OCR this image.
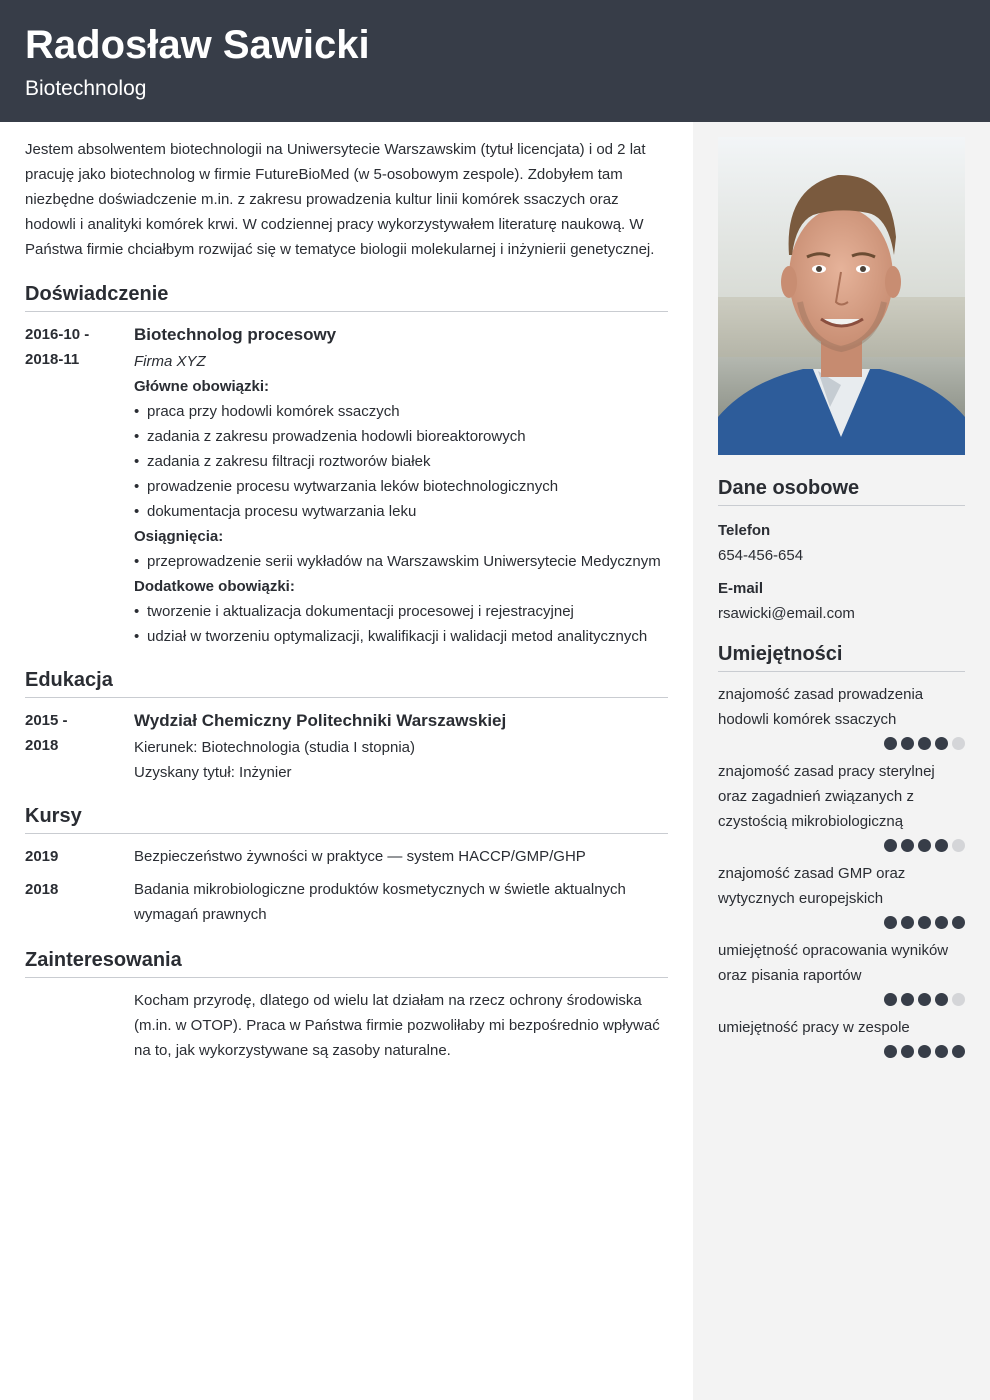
Radosław Sawicki
Biotechnolog

Jestem absolwentem biotechnologii na Uniwersytecie Warszawskim (tytuł licencjata) i od 2 lat pracuję jako biotechnolog w firmie FutureBioMed (w 5-osobowym zespole). Zdobyłem tam niezbędne doświadczenie m.in. z zakresu prowadzenia kultur linii komórek ssaczych oraz hodowli i analityki komórek krwi. W codziennej pracy wykorzystywałem literaturę naukową. W Państwa firmie chciałbym rozwijać się w tematyce biologii molekularnej i inżynierii genetycznej.

Doświadczenie
2016-10 -
2018-11
Biotechnolog procesowy
Firma XYZ
Główne obowiązki:
• praca przy hodowli komórek ssaczych
• zadania z zakresu prowadzenia hodowli bioreaktorowych
• zadania z zakresu filtracji roztworów białek
• prowadzenie procesu wytwarzania leków biotechnologicznych
• dokumentacja procesu wytwarzania leku
Osiągnięcia:
• przeprowadzenie serii wykładów na Warszawskim Uniwersytecie Medycznym
Dodatkowe obowiązki:
• tworzenie i aktualizacja dokumentacji procesowej i rejestracyjnej
• udział w tworzeniu optymalizacji, kwalifikacji i walidacji metod analitycznych
Edukacja
2015 -
2018
Wydział Chemiczny Politechniki Warszawskiej
Kierunek: Biotechnologia (studia I stopnia)
Uzyskany tytuł: Inżynier
Kursy
2019	Bezpieczeństwo żywności w praktyce — system HACCP/GMP/GHP
2018	Badania mikrobiologiczne produktów kosmetycznych w świetle aktualnych wymagań prawnych
Zainteresowania
Kocham przyrodę, dlatego od wielu lat działam na rzecz ochrony środowiska (m.in. w OTOP). Praca w Państwa firmie pozwoliłaby mi bezpośrednio wpływać na to, jak wykorzystywane są zasoby naturalne.
Dane osobowe
Telefon
654-456-654
E-mail
rsawicki@email.com
Umiejętności
znajomość zasad prowadzenia hodowli komórek ssaczych
znajomość zasad pracy sterylnej oraz zagadnień związanych z czystością mikrobiologiczną
znajomość zasad GMP oraz wytycznych europejskich
umiejętność opracowania wyników oraz pisania raportów
umiejętność pracy w zespole
